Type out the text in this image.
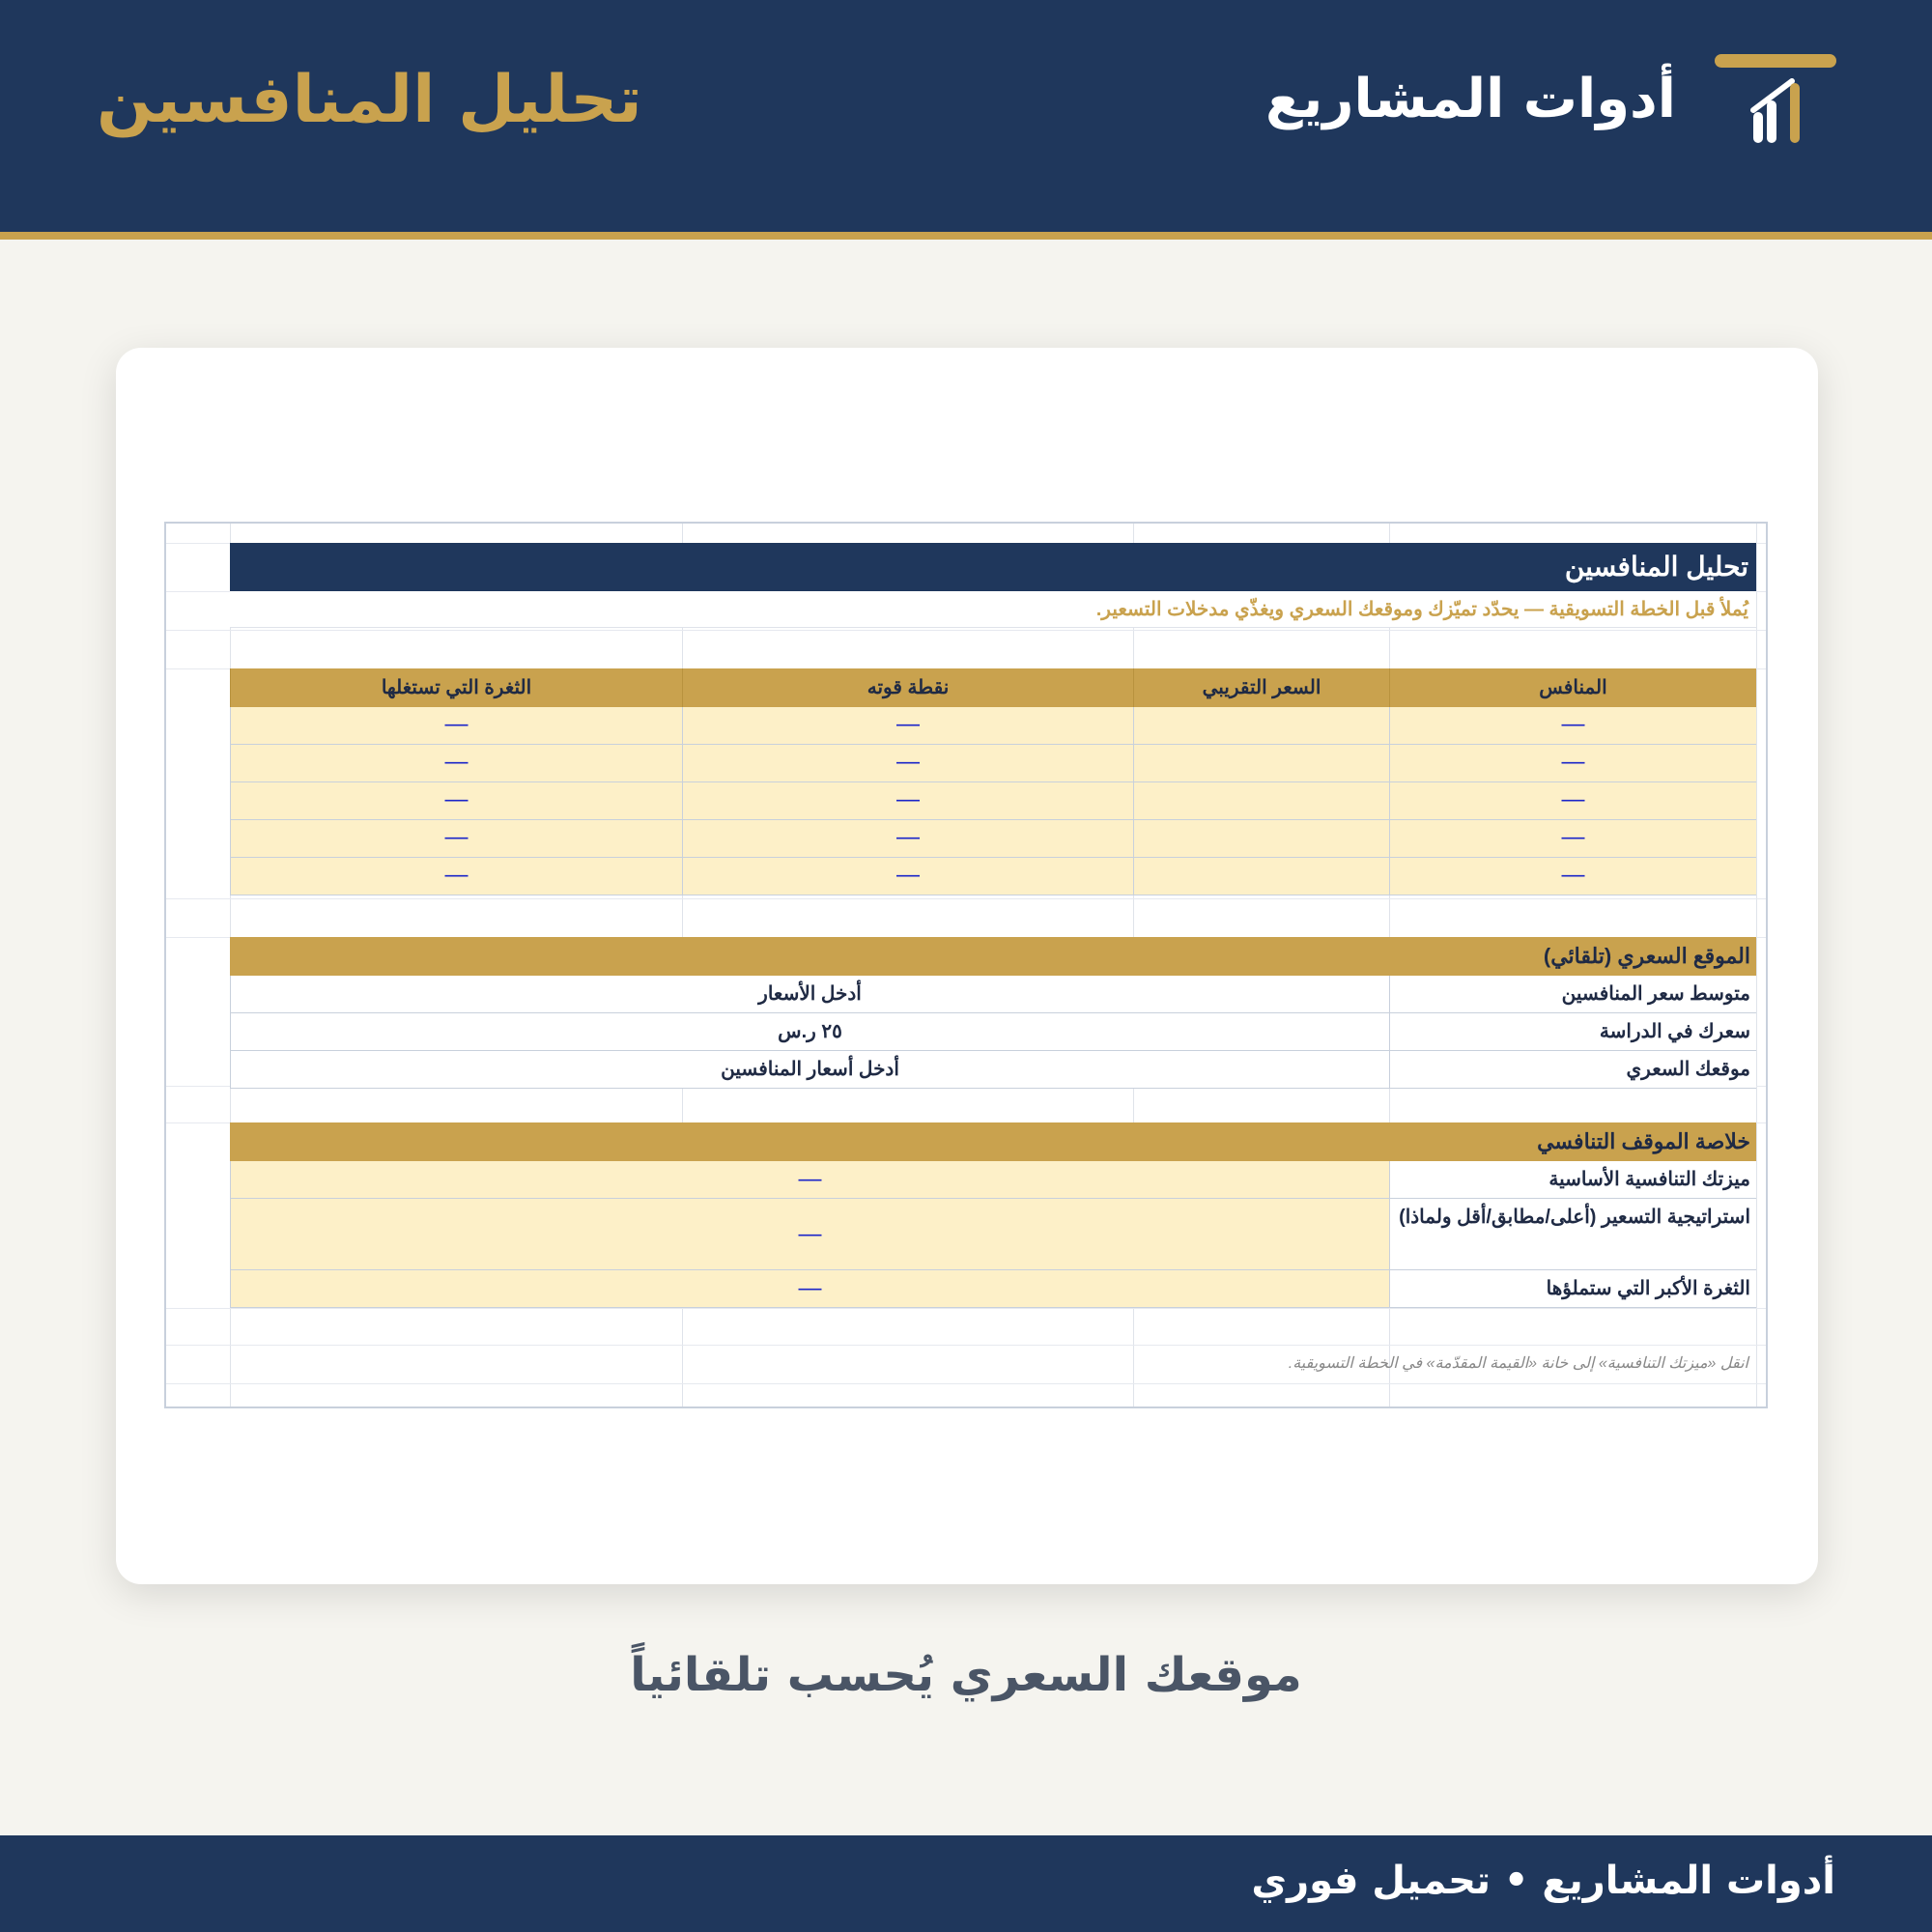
أدوات المشاريع
تحليل المنافسين
تحليل المنافسين
يُملأ قبل الخطة التسويقية — يحدّد تميّزك وموقعك السعري ويغذّي مدخلات التسعير.
المنافس
السعر التقريبي
نقطة قوته
الثغرة التي تستغلها
—
—
—
—
—
—
—
—
—
—
—
—
—
—
—
الموقع السعري (تلقائي)
متوسط سعر المنافسين
أدخل الأسعار
سعرك في الدراسة
٢٥ ر.س
موقعك السعري
أدخل أسعار المنافسين
خلاصة الموقف التنافسي
ميزتك التنافسية الأساسية
—
استراتيجية التسعير (أعلى/مطابق/أقل ولماذا)
—
الثغرة الأكبر التي ستملؤها
—
انقل «ميزتك التنافسية» إلى خانة «القيمة المقدّمة» في الخطة التسويقية.
موقعك السعري يُحسب تلقائياً
أدوات المشاريع • تحميل فوري
